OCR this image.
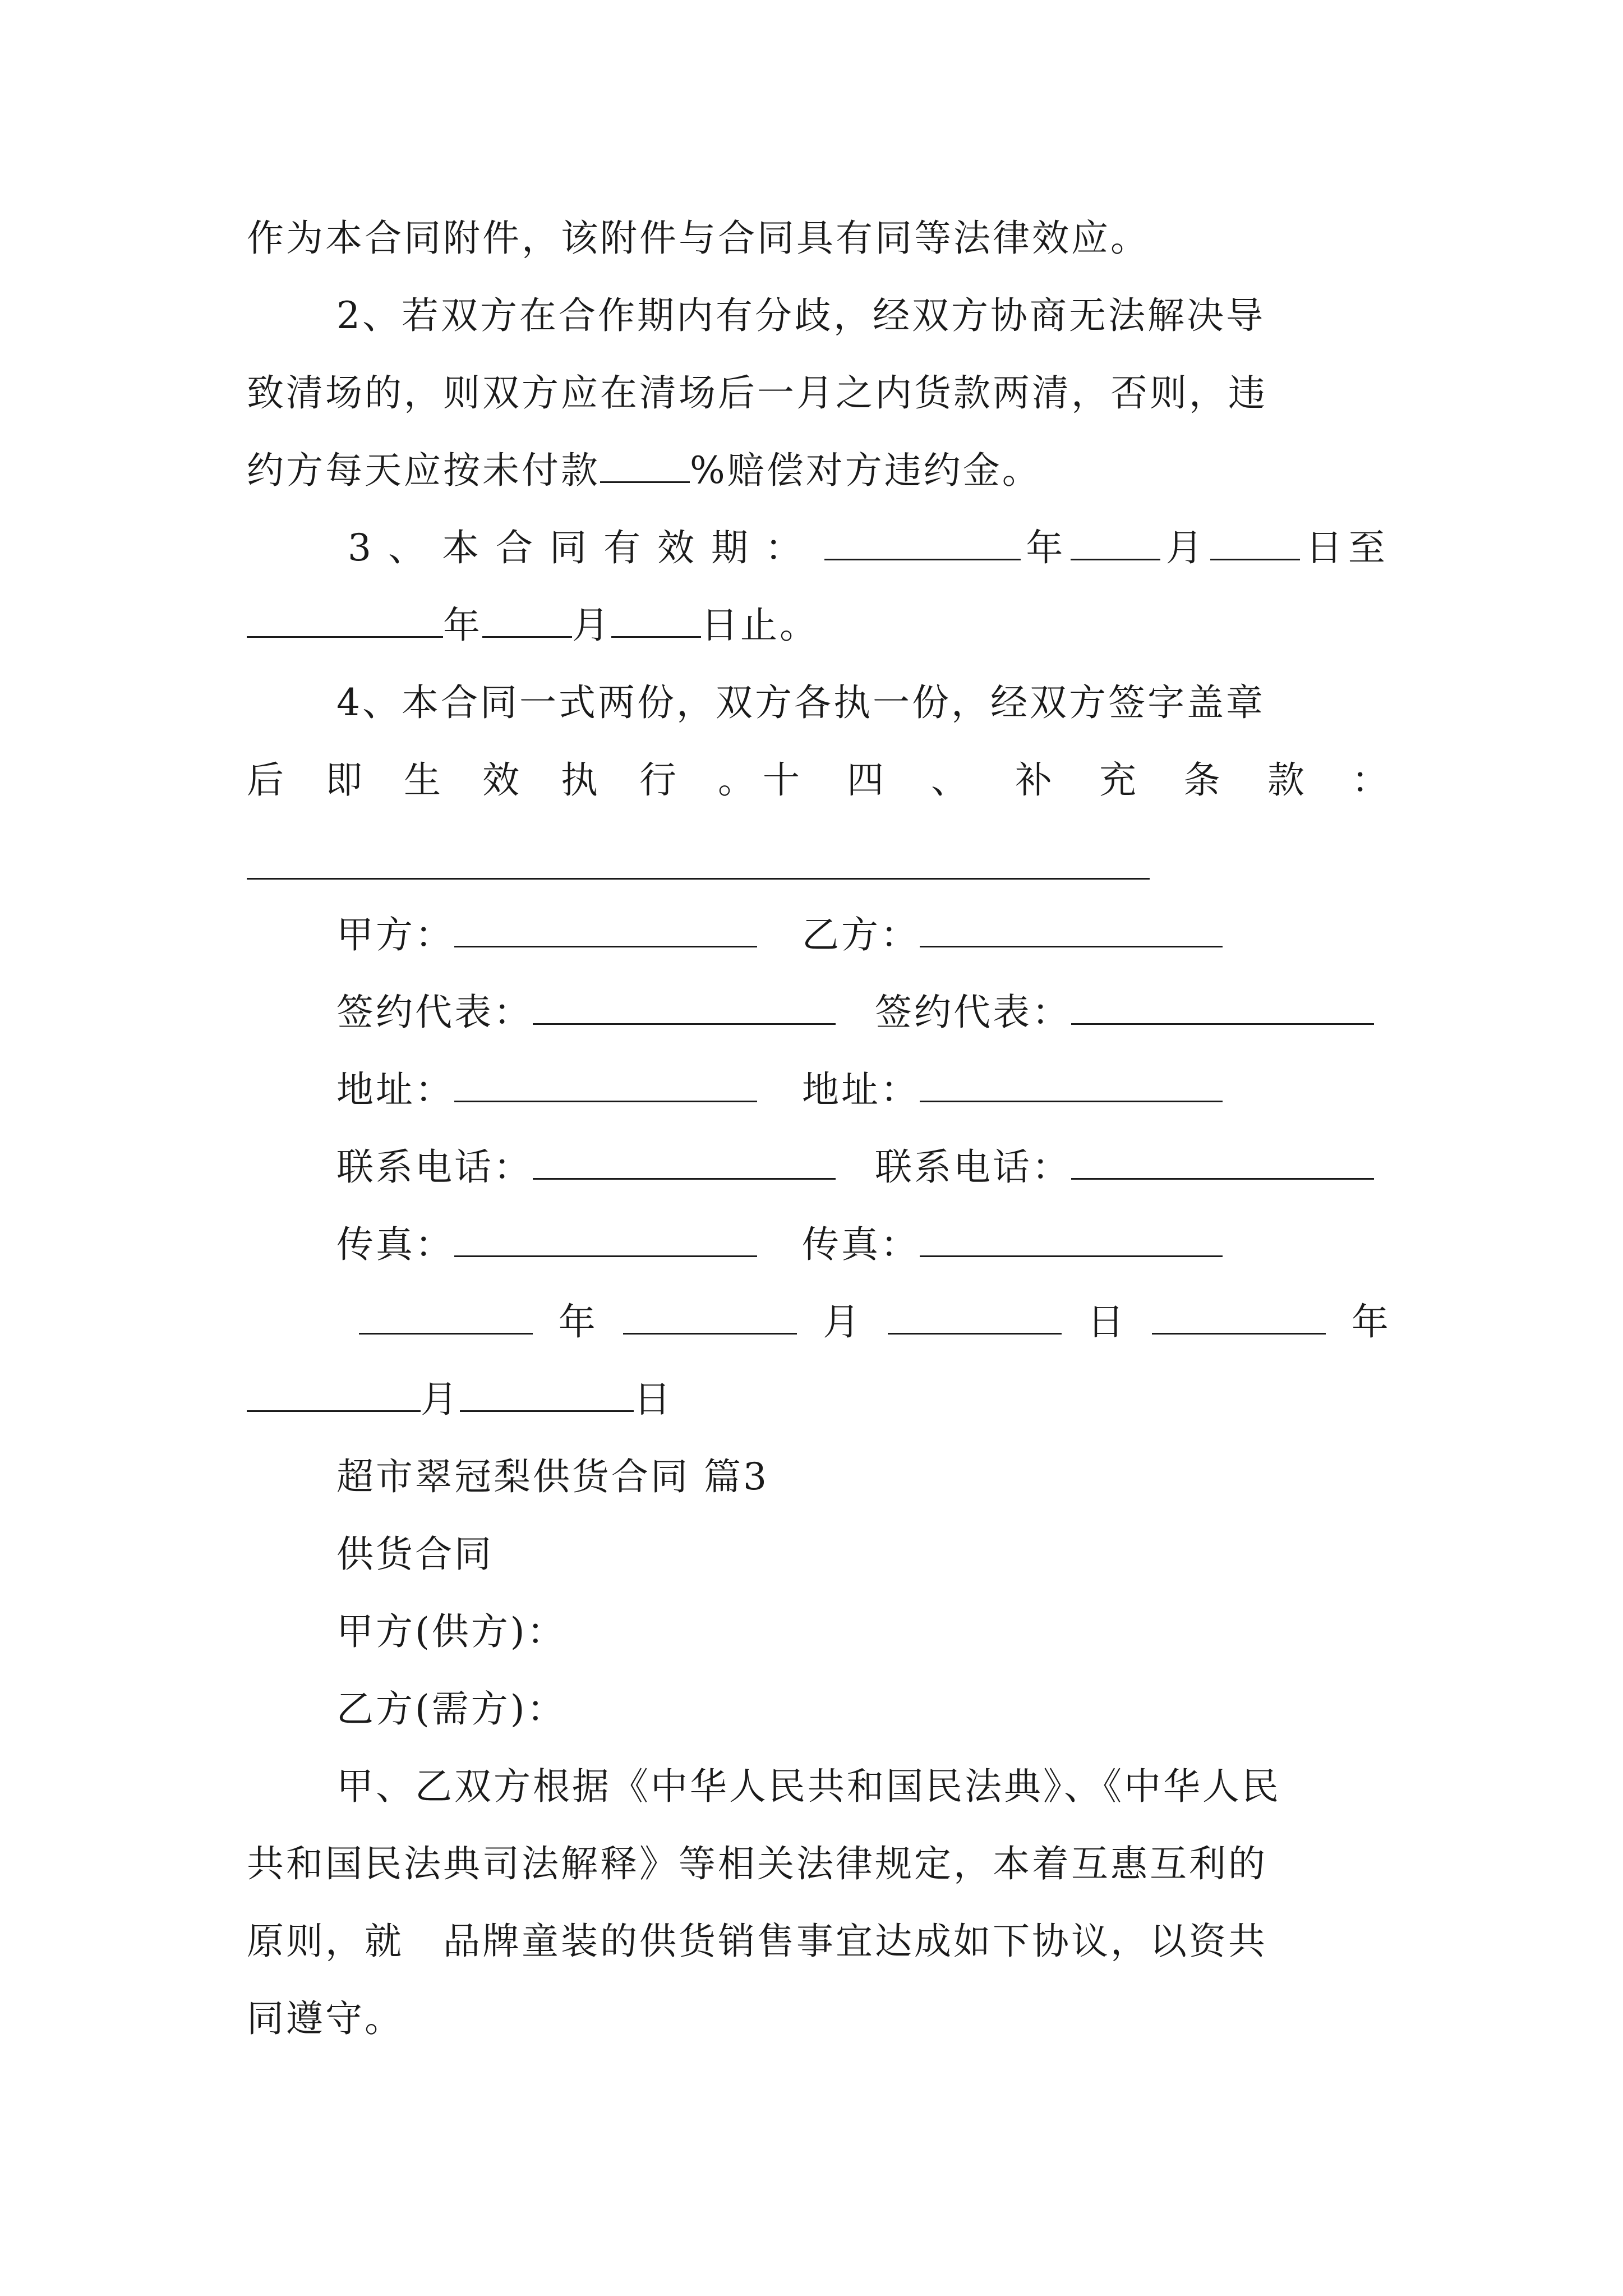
作为本合同附件，该附件与合同具有同等法律效应。
2、若双方在合作期内有分歧，经双方协商无法解决导
致清场的，则双方应在清场后一月之内货款两清，否则，违
约方每天应按未付款 %赔偿对方违约金。
3、本合同有效期：	年	月	日至
年 月 日止。
4、本合同一式两份，双方各执一份，经双方签字盖章
后 即 生 效 执 行 。 十 四 、 补 充 条 款 ：
甲方：	乙方：
签约代表：	签约代表：
地址：	地址：
联系电话：	联系电话：
传真：	传真：
年	月	日	年
月	日
超市翠冠梨供货合同 篇3
供货合同
甲方(供方)：
乙方(需方)：
甲、乙双方根据《中华人民共和国民法典》、《中华人民
共和国民法典司法解释》等相关法律规定，本着互惠互利的
原则，就　品牌童装的供货销售事宜达成如下协议，以资共
同遵守。
